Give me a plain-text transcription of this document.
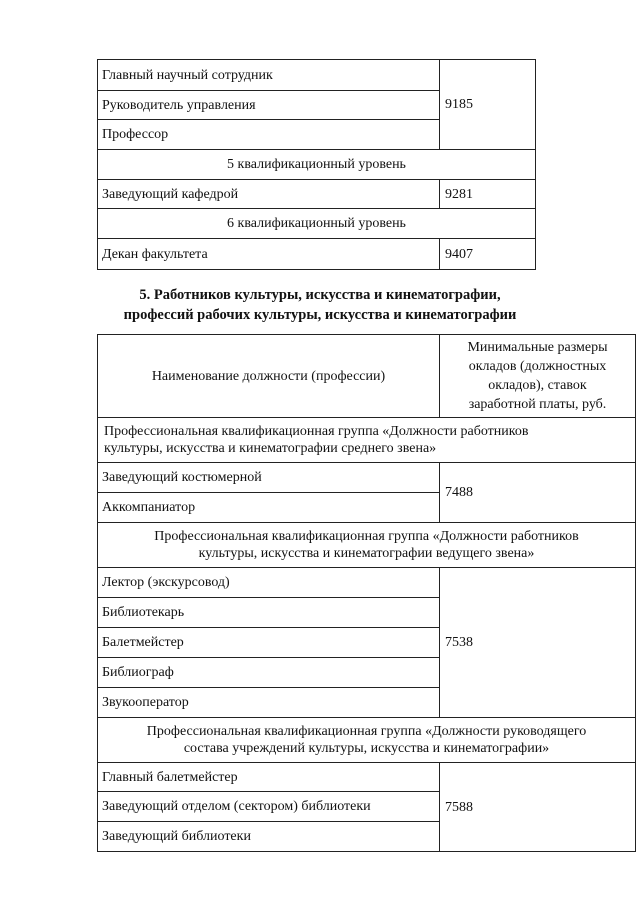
Главный научный сотрудник	9185
Руководитель управления	
Профессор	
5 квалификационный уровень	
Заведующий кафедрой	9281
6 квалификационный уровень	
Декан факультета	9407
5. Работников культуры, искусства и кинематографии,
профессий рабочих культуры, искусства и кинематографии
Наименование должности (профессии)	Минимальные размеры
окладов (должностных
окладов), ставок
заработной платы, руб.

Профессиональная квалификационная группа «Должности работников
культуры, искусства и кинематографии среднего звена»	

Заведующий костюмерной	7488
Аккомпаниатор	

Профессиональная квалификационная группа «Должности работников
культуры, искусства и кинематографии ведущего звена»	

Лектор (экскурсовод)	7538
Библиотекарь	
Балетмейстер	
Библиограф	
Звукооператор	

Профессиональная квалификационная группа «Должности руководящего
состава учреждений культуры, искусства и кинематографии»	

Главный балетмейстер	7588
Заведующий отделом (сектором) библиотеки	
Заведующий библиотеки	
